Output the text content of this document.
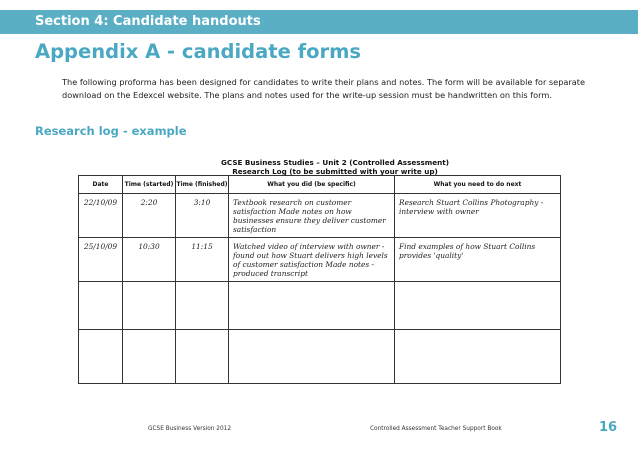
Section 4: Candidate handouts
Appendix A - candidate forms
The following proforma has been designed for candidates to write their plans and notes. The form will be available for separate download on the Edexcel website. The plans and notes used for the write-up session must be handwritten on this form.
Research log - example
GCSE Business Studies – Unit 2 (Controlled Assessment)
Research Log (to be submitted with your write up)
Date	Time (started)	Time (finished)	What you did (be specific)	What you need to do next
22/10/09	2:20	3:10	Textbook research on customer satisfaction Made notes on how businesses ensure they deliver customer satisfaction	Research Stuart Collins Photography - interview with owner
25/10/09	10:30	11:15	Watched video of interview with owner - found out how Stuart delivers high levels of customer satisfaction Made notes - produced transcript	Find examples of how Stuart Collins provides 'quality'

GCSE Business Version 2012	Controlled Assessment Teacher Support Book	16
